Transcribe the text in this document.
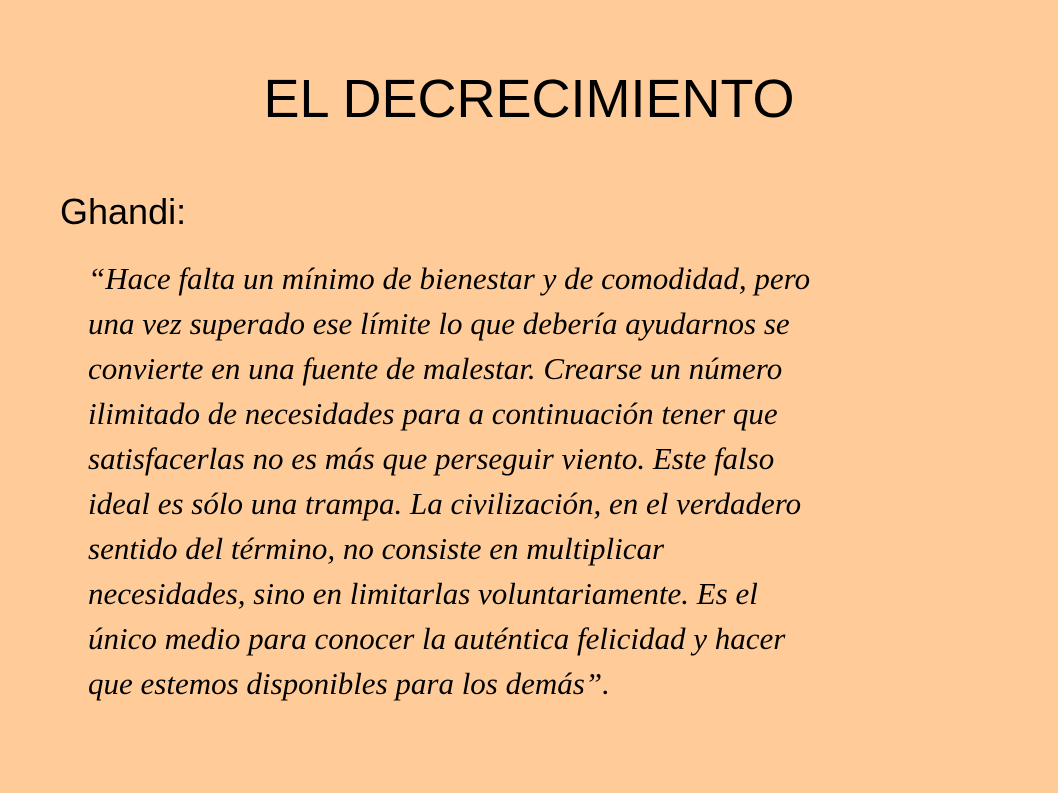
EL DECRECIMIENTO
Ghandi:

“Hace falta un mínimo de bienestar y de comodidad, pero
una vez superado ese límite lo que debería ayudarnos se
convierte en una fuente de malestar. Crearse un número
ilimitado de necesidades para a continuación tener que
satisfacerlas no es más que perseguir viento. Este falso
ideal es sólo una trampa. La civilización, en el verdadero
sentido del término, no consiste en multiplicar
necesidades, sino en limitarlas voluntariamente. Es el
único medio para conocer la auténtica felicidad y hacer
que estemos disponibles para los demás”.
